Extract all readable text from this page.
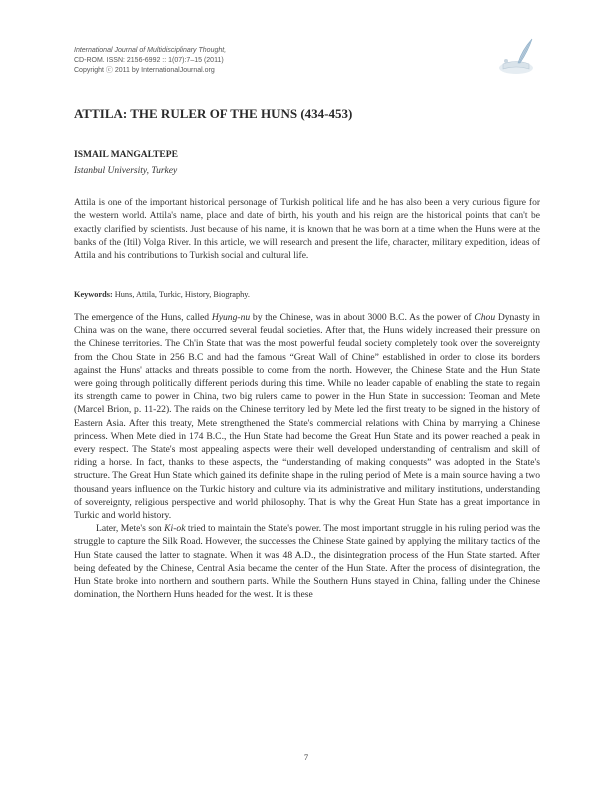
International Journal of Multidisciplinary Thought,
CD-ROM. ISSN: 2156-6992 :: 1(07):7–15 (2011)
Copyright ⓒ 2011 by InternationalJournal.org
ATTILA: THE RULER OF THE HUNS (434-453)

ISMAIL MANGALTEPE

Istanbul University, Turkey

Attila is one of the important historical personage of Turkish political life and he has also been a very curious figure for the western world. Attila's name, place and date of birth, his youth and his reign are the historical points that can't be exactly clarified by scientists. Just because of his name, it is known that he was born at a time when the Huns were at the banks of the (Itil) Volga River. In this article, we will research and present the life, character, military expedition, ideas of Attila and his contributions to Turkish social and cultural life.

Keywords: Huns, Attila, Turkic, History, Biography.

The emergence of the Huns, called Hyung-nu by the Chinese, was in about 3000 B.C. As the power of Chou Dynasty in China was on the wane, there occurred several feudal societies. After that, the Huns widely increased their pressure on the Chinese territories. The Ch'in State that was the most powerful feudal society completely took over the sovereignty from the Chou State in 256 B.C and had the famous “Great Wall of Chine” established in order to close its borders against the Huns' attacks and threats possible to come from the north. However, the Chinese State and the Hun State were going through politically different periods during this time. While no leader capable of enabling the state to regain its strength came to power in China, two big rulers came to power in the Hun State in succession: Teoman and Mete (Marcel Brion, p. 11-22). The raids on the Chinese territory led by Mete led the first treaty to be signed in the history of Eastern Asia. After this treaty, Mete strengthened the State's commercial relations with China by marrying a Chinese princess. When Mete died in 174 B.C., the Hun State had become the Great Hun State and its power reached a peak in every respect. The State's most appealing aspects were their well developed understanding of centralism and skill of riding a horse. In fact, thanks to these aspects, the “understanding of making conquests” was adopted in the State's structure. The Great Hun State which gained its definite shape in the ruling period of Mete is a main source having a two thousand years influence on the Turkic history and culture via its administrative and military institutions, understanding of sovereignty, religious perspective and world philosophy. That is why the Great Hun State has a great importance in Turkic and world history.

Later, Mete's son Ki-ok tried to maintain the State's power. The most important struggle in his ruling period was the struggle to capture the Silk Road. However, the successes the Chinese State gained by applying the military tactics of the Hun State caused the latter to stagnate. When it was 48 A.D., the disintegration process of the Hun State started. After being defeated by the Chinese, Central Asia became the center of the Hun State. After the process of disintegration, the Hun State broke into northern and southern parts. While the Southern Huns stayed in China, falling under the Chinese domination, the Northern Huns headed for the west. It is these

7
